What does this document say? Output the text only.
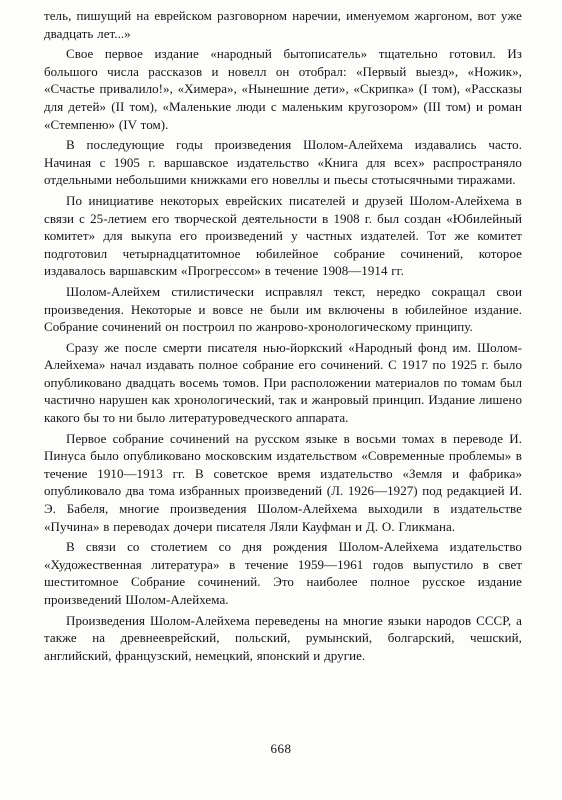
тель, пишущий на еврейском разговорном наречии, именуемом жаргоном, вот уже двадцать лет...»

Свое первое издание «народный бытописатель» тщательно готовил. Из большого числа рассказов и новелл он отобрал: «Первый выезд», «Ножик», «Счастье привалило!», «Химера», «Нынешние дети», «Скрипка» (I том), «Рассказы для детей» (II том), «Маленькие люди с маленьким кругозором» (III том) и роман «Стемпеню» (IV том).

В последующие годы произведения Шолом-Алейхема издавались часто. Начиная с 1905 г. варшавское издательство «Книга для всех» распространяло отдельными небольшими книжками его новеллы и пьесы стотысячными тиражами.

По инициативе некоторых еврейских писателей и друзей Шолом-Алейхема в связи с 25-летием его творческой деятельности в 1908 г. был создан «Юбилейный комитет» для выкупа его произведений у частных издателей. Тот же комитет подготовил четырнадцатитомное юбилейное собрание сочинений, которое издавалось варшавским «Прогрессом» в течение 1908—1914 гг.

Шолом-Алейхем стилистически исправлял текст, нередко сокращал свои произведения. Некоторые и вовсе не были им включены в юбилейное издание. Собрание сочинений он построил по жанрово-хронологическому принципу.

Сразу же после смерти писателя нью-йоркский «Народный фонд им. Шолом-Алейхема» начал издавать полное собрание его сочинений. С 1917 по 1925 г. было опубликовано двадцать восемь томов. При расположении материалов по томам был частично нарушен как хронологический, так и жанровый принцип. Издание лишено какого бы то ни было литературоведческого аппарата.

Первое собрание сочинений на русском языке в восьми томах в переводе И. Пинуса было опубликовано московским издательством «Современные проблемы» в течение 1910—1913 гг. В советское время издательство «Земля и фабрика» опубликовало два тома избранных произведений (Л. 1926—1927) под редакцией И. Э. Бабеля, многие произведения Шолом-Алейхема выходили в издательстве «Пучина» в переводах дочери писателя Ляли Кауфман и Д. О. Гликмана.

В связи со столетием со дня рождения Шолом-Алейхема издательство «Художественная литература» в течение 1959—1961 годов выпустило в свет шеститомное Собрание сочинений. Это наиболее полное русское издание произведений Шолом-Алейхема.

Произведения Шолом-Алейхема переведены на многие языки народов СССР, а также на древнееврейский, польский, румынский, болгарский, чешский, английский, французский, немецкий, японский и другие.

668
